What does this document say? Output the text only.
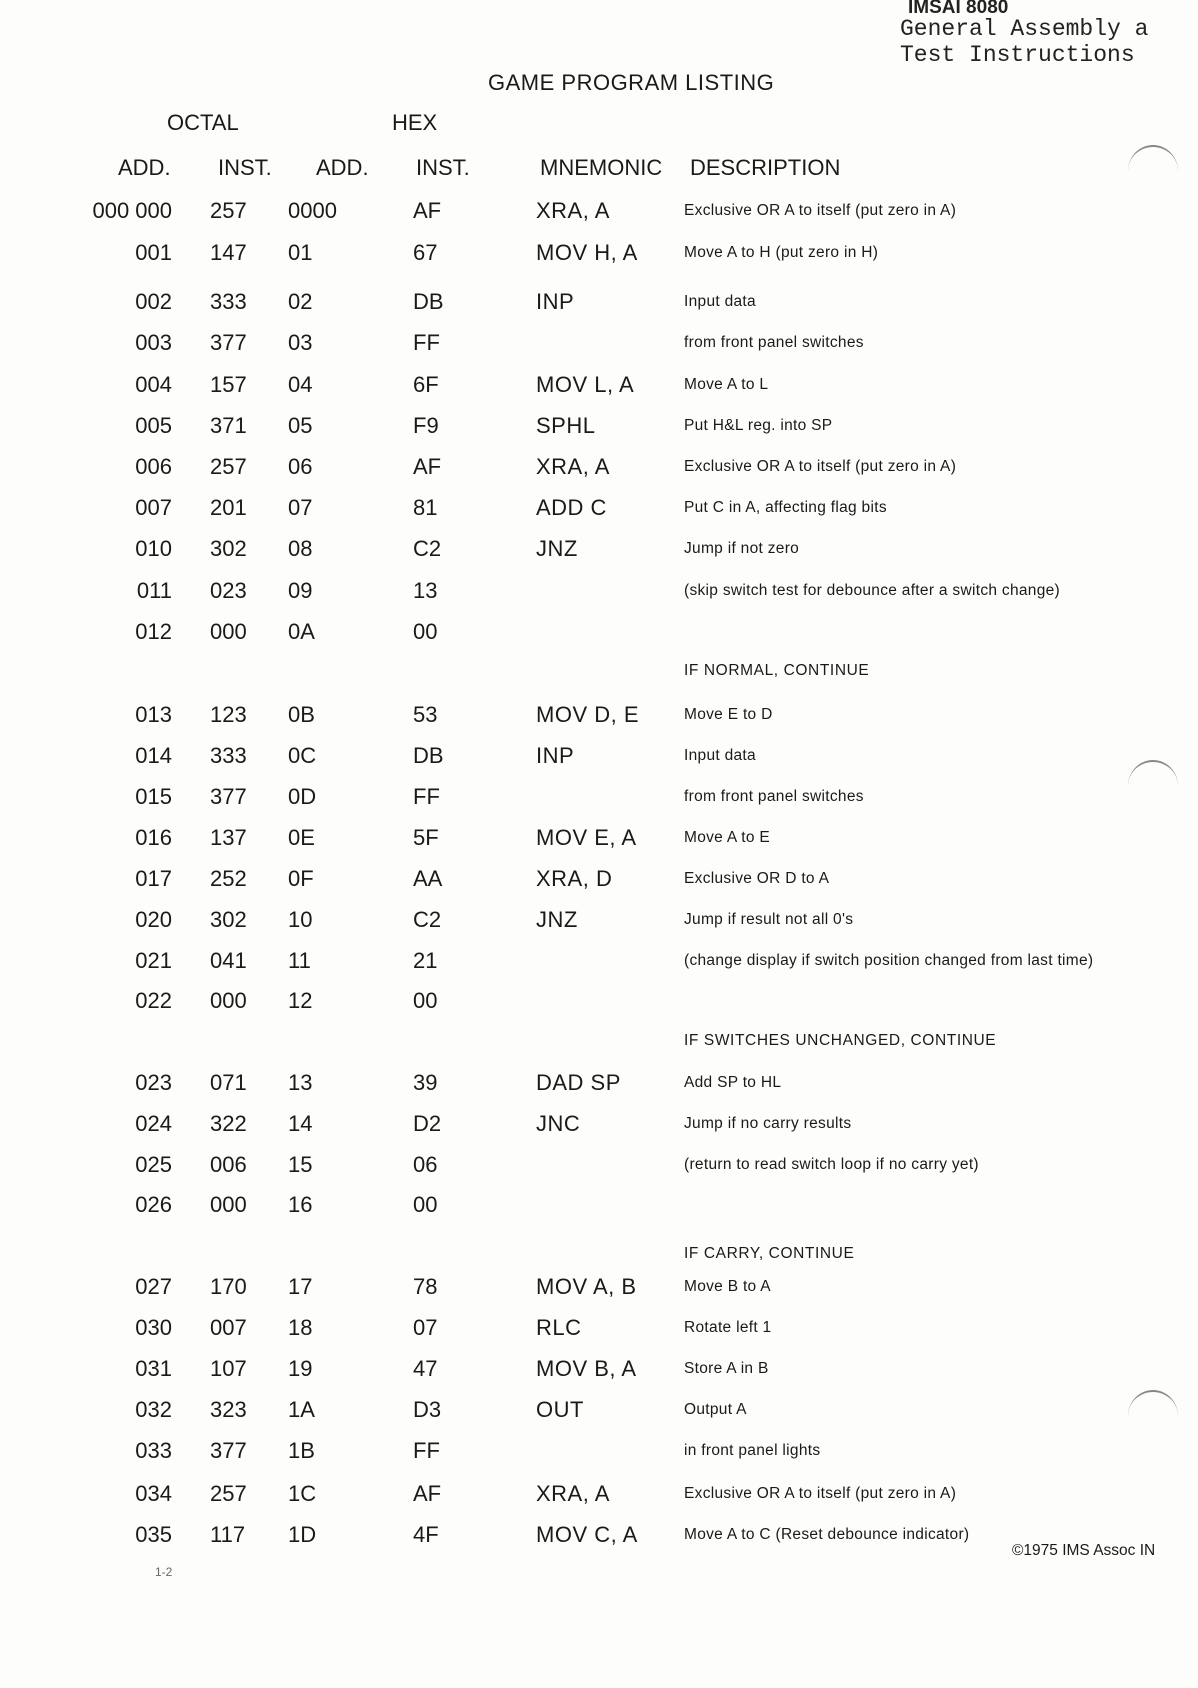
IMSAI 8080
General Assembly a
Test Instructions
GAME PROGRAM LISTING
OCTAL	HEX
ADD. INST. ADD. INST.	MNEMONIC DESCRIPTION
000 000 257 0000	AF	XRA, A	Exclusive OR A to itself (put zero in A)
001 147 01	67	MOV H, A	Move A to H (put zero in H)
002 333 02	DB	INP	Input data
003 377 03	FF	from front panel switches
004 157 04	6F	MOV L, A	Move A to L
005 371 05	F9	SPHL	Put H&L reg. into SP
006 257 06	AF	XRA, A	Exclusive OR A to itself (put zero in A)
007 201 07	81	ADD C	Put C in A, affecting flag bits
010 302 08	C2	JNZ	Jump if not zero
011 023 09	13	(skip switch test for debounce after a switch change)
012 000 0A	00
013 123 0B	53	MOV D, E	Move E to D
014 333 0C	DB	INP	Input data
015 377 0D	FF	from front panel switches
016 137 0E	5F	MOV E, A	Move A to E
017 252 0F	AA	XRA, D	Exclusive OR D to A
020 302 10	C2	JNZ	Jump if result not all 0's
021 041 11	21	(change display if switch position changed from last time)
022 000 12	00
023 071 13	39	DAD SP	Add SP to HL
024 322 14	D2	JNC	Jump if no carry results
025 006 15	06	(return to read switch loop if no carry yet)
026 000 16	00
027 170 17	78	MOV A, B	Move B to A
030 007 18	07	RLC	Rotate left 1
031 107 19	47	MOV B, A	Store A in B
032 323 1A	D3	OUT	Output A
033 377 1B	FF	in front panel lights
034 257 1C	AF	XRA, A	Exclusive OR A to itself (put zero in A)
035 117 1D	4F	MOV C, A	Move A to C (Reset debounce indicator)
IF NORMAL, CONTINUE
IF SWITCHES UNCHANGED, CONTINUE
IF CARRY, CONTINUE
©1975 IMS Assoc IN
1-2
